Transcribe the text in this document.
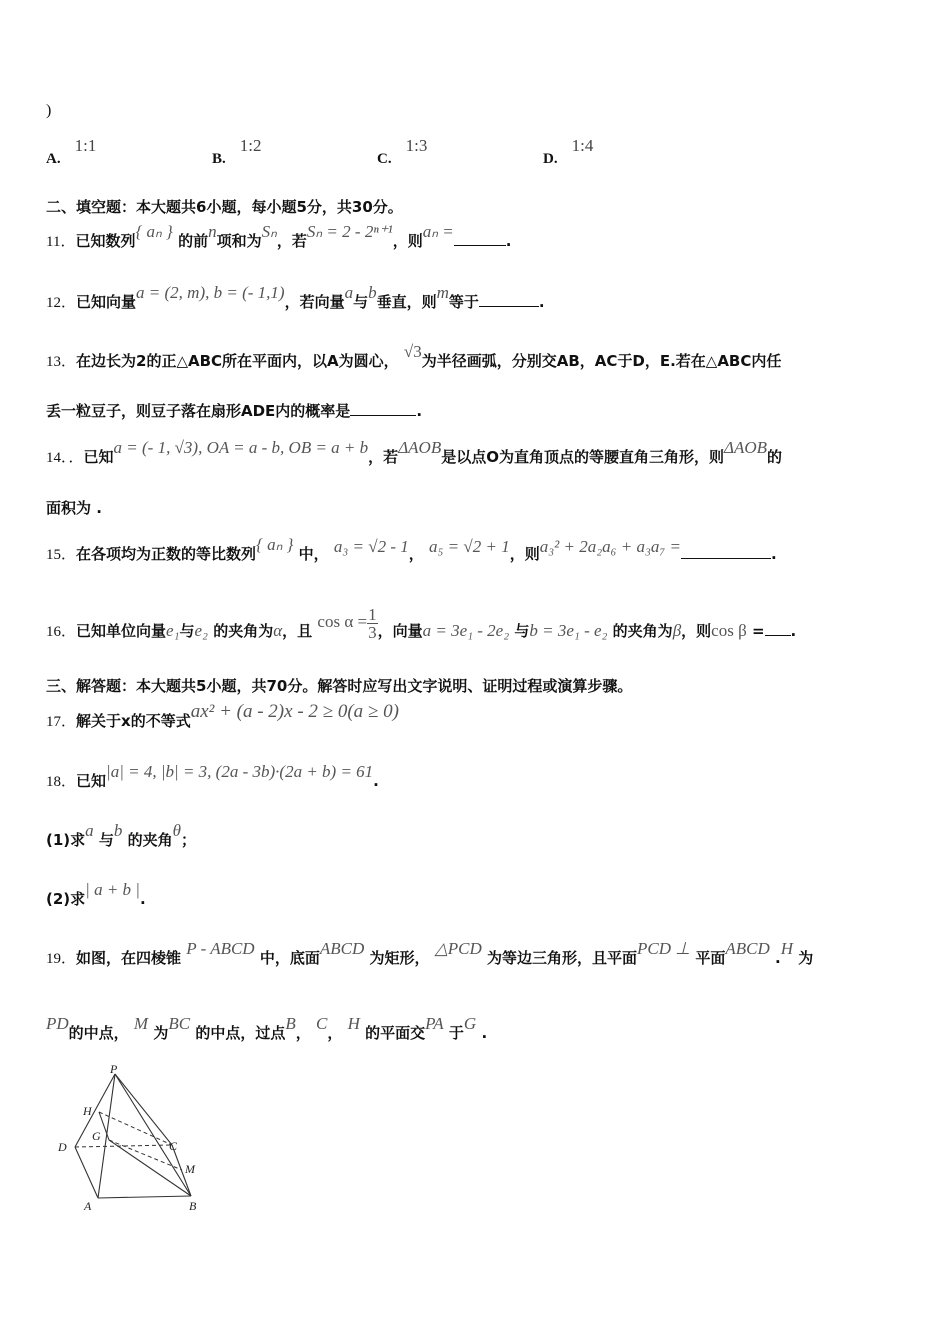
)
A.1:1
B.1:2
C.1:3
D.1:4
二、填空题：本大题共6小题，每小题5分，共30分。
11．已知数列{ aₙ } 的前n项和为Sₙ，若Sₙ = 2 - 2ⁿ⁺¹，则aₙ =	.
12．已知向量a = (2, m), b = (- 1,1)，若向量a与b垂直，则m等于	.
13．在边长为2的正△ABC所在平面内，以A为圆心， √3为半径画弧，分别交AB，AC于D，E.若在△ABC内任
丢一粒豆子，则豆子落在扇形ADE内的概率是	.
14．．已知a = (- 1, √3), OA = a - b, OB = a + b，若ΔAOB是以点O为直角顶点的等腰直角三角形，则ΔAOB的
面积为 .
15．在各项均为正数的等比数列{ aₙ } 中， a₃ = √2 - 1， a₅ = √2 + 1，则a₃² + 2a₂a₆ + a₃a₇ =	.
16．已知单位向量e₁与e₂ 的夹角为α，且 $\cos \alpha = \frac{1}{3}$ ，向量a = 3e₁ - 2e₂ 与b = 3e₁ - e₂ 的夹角为β，则cos β = .
三、解答题：本大题共5小题，共70分。解答时应写出文字说明、证明过程或演算步骤。
17．解关于x的不等式ax² + (a - 2)x - 2 ≥ 0(a ≥ 0)
18．已知|a| = 4, |b| = 3, (2a - 3b)·(2a + b) = 61.
(1)求a 与b 的夹角θ；
(2)求| a + b |.
19．如图，在四棱锥 P - ABCD 中，底面ABCD 为矩形， △PCD 为等边三角形，且平面PCD ⊥ 平面ABCD .H 为
PD的中点， M 为BC 的中点，过点B， C， H 的平面交PA 于G .
P
H
G
D	C
M
A	B
